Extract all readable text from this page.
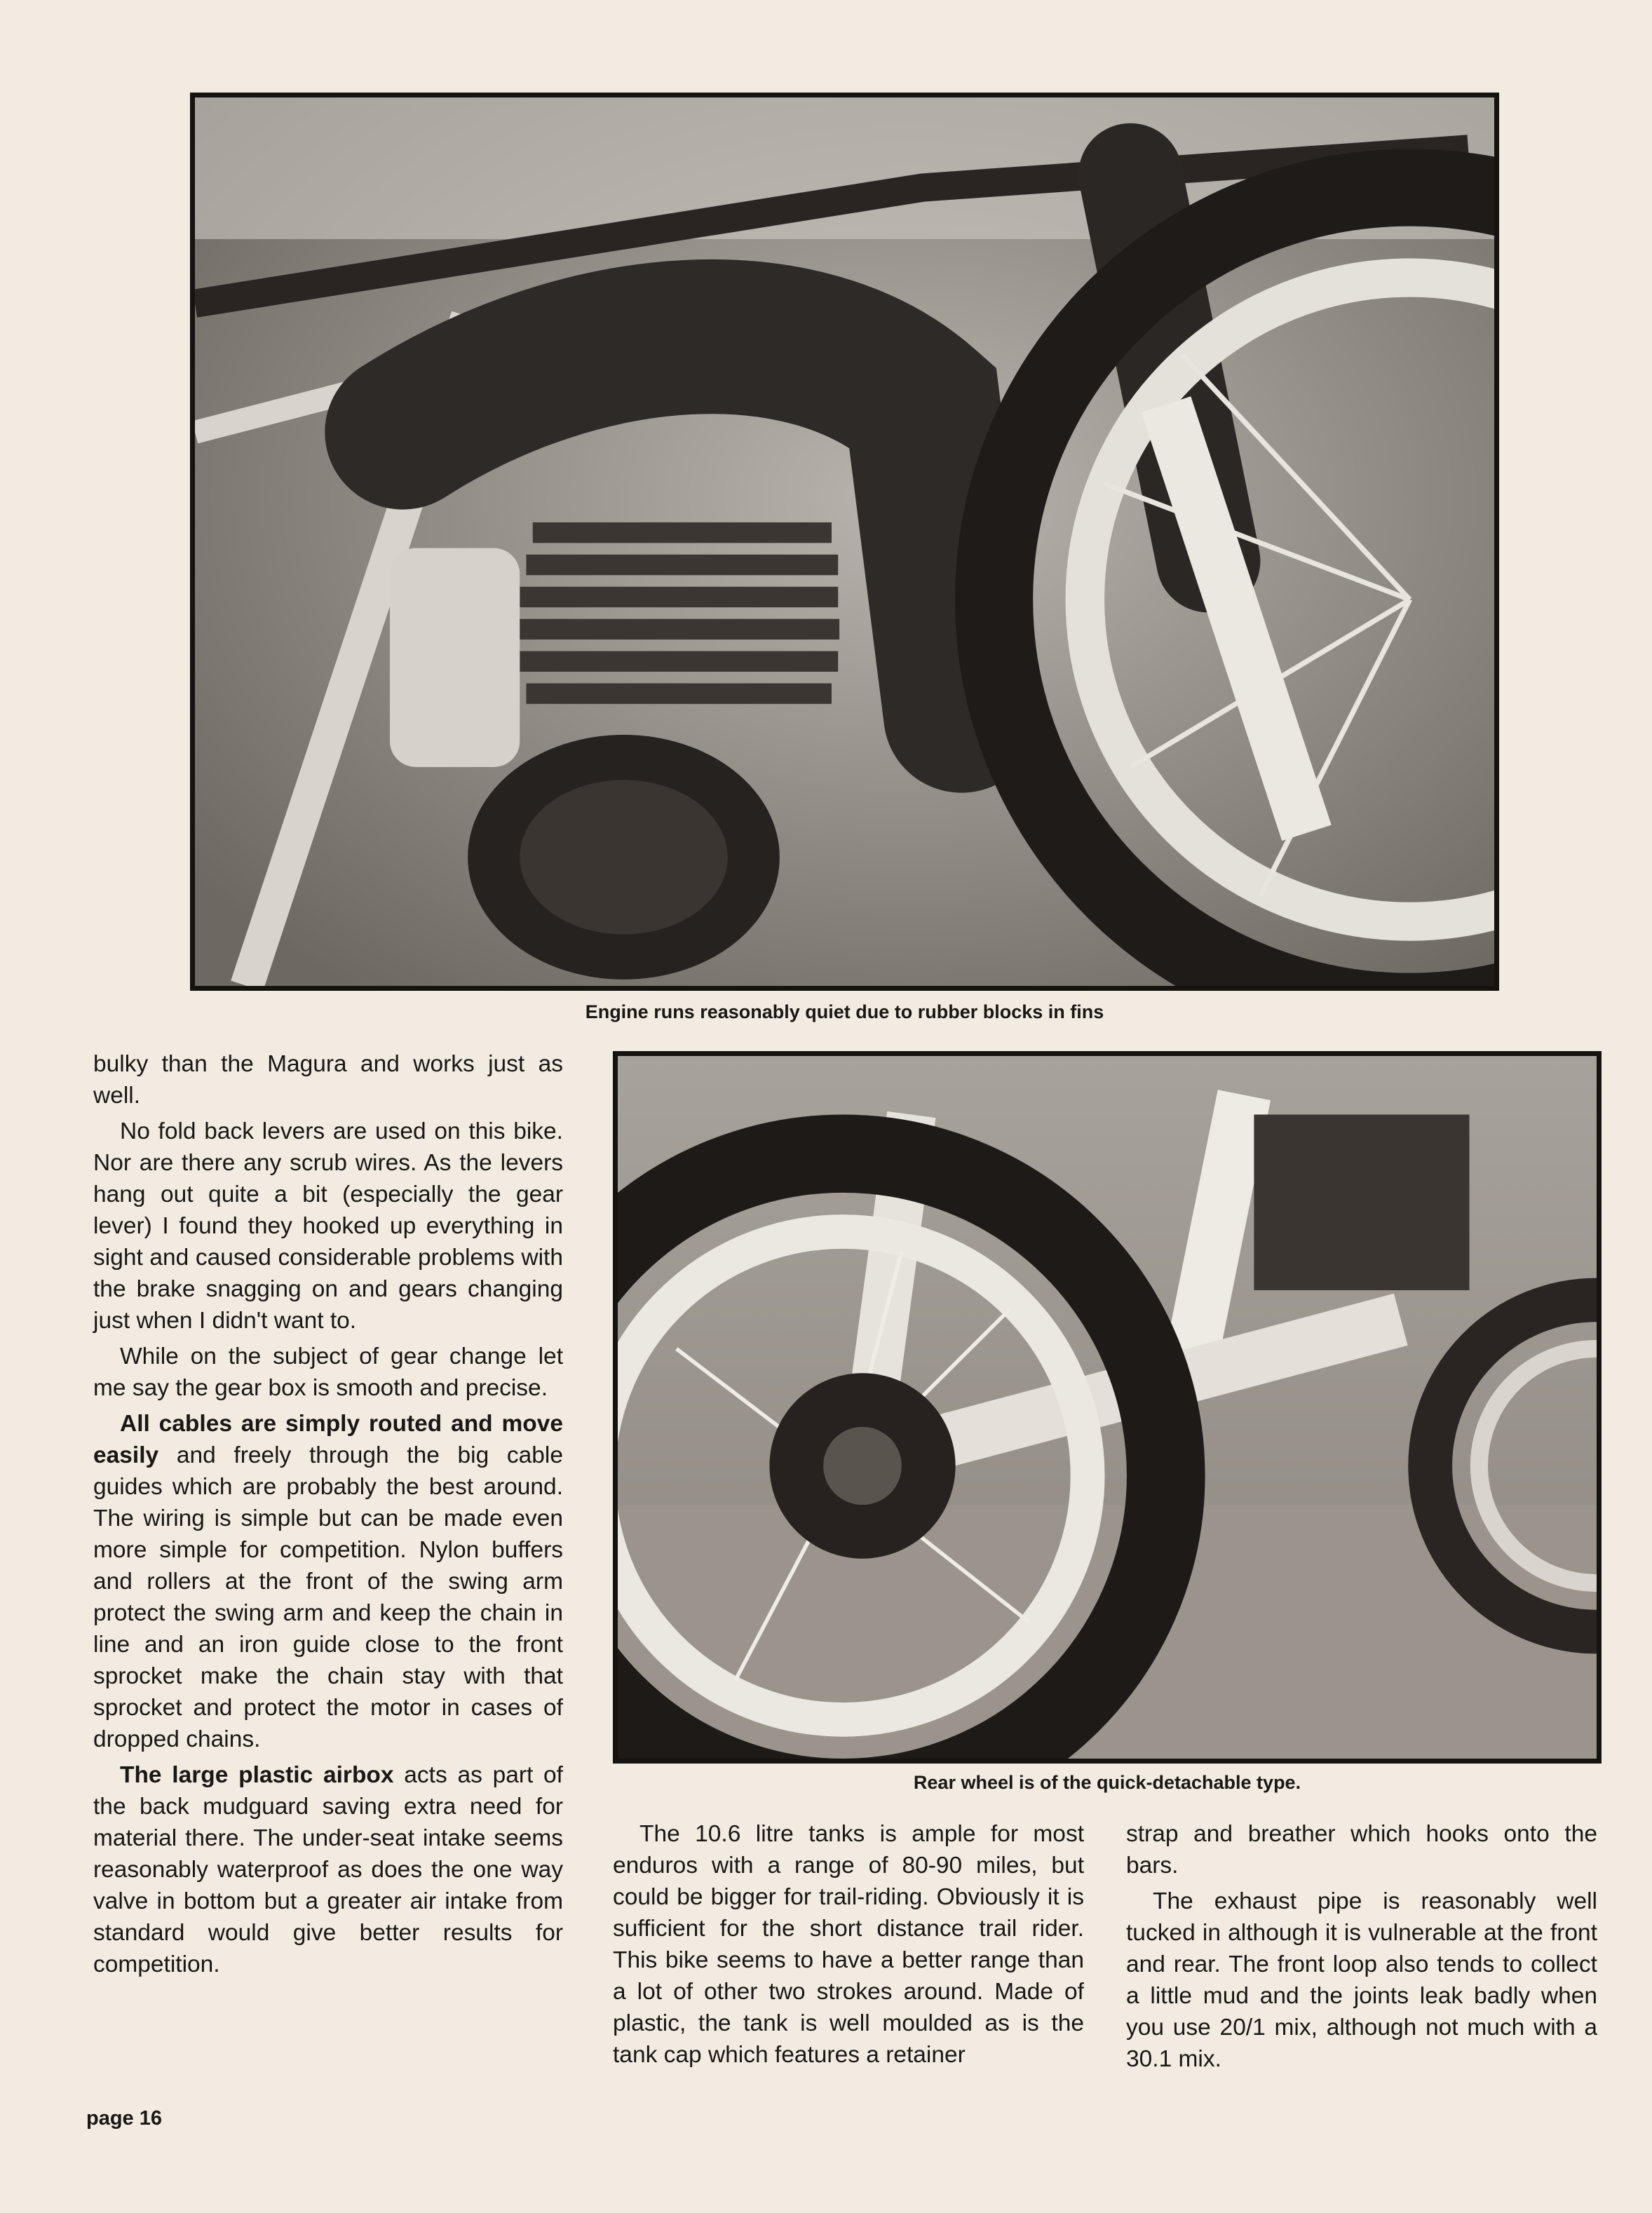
Engine runs reasonably quiet due to rubber blocks in fins
Rear wheel is of the quick-detachable type.

bulky than the Magura and works just as well.

No fold back levers are used on this bike. Nor are there any scrub wires. As the levers hang out quite a bit (especially the gear lever) I found they hooked up everything in sight and caused considerable problems with the brake snagging on and gears changing just when I didn't want to.

While on the subject of gear change let me say the gear box is smooth and precise.

All cables are simply routed and move easily and freely through the big cable guides which are probably the best around. The wiring is simple but can be made even more simple for competition. Nylon buffers and rollers at the front of the swing arm protect the swing arm and keep the chain in line and an iron guide close to the front sprocket make the chain stay with that sprocket and protect the motor in cases of dropped chains.

The large plastic airbox acts as part of the back mudguard saving extra need for material there. The under-seat intake seems reasonably waterproof as does the one way valve in bottom but a greater air intake from standard would give better results for competition.

The 10.6 litre tanks is ample for most enduros with a range of 80-90 miles, but could be bigger for trail-riding. Obviously it is sufficient for the short distance trail rider. This bike seems to have a better range than a lot of other two strokes around. Made of plastic, the tank is well moulded as is the tank cap which features a retainer

strap and breather which hooks onto the bars.

The exhaust pipe is reasonably well tucked in although it is vulnerable at the front and rear. The front loop also tends to collect a little mud and the joints leak badly when you use 20/1 mix, although not much with a 30.1 mix.

page 16
